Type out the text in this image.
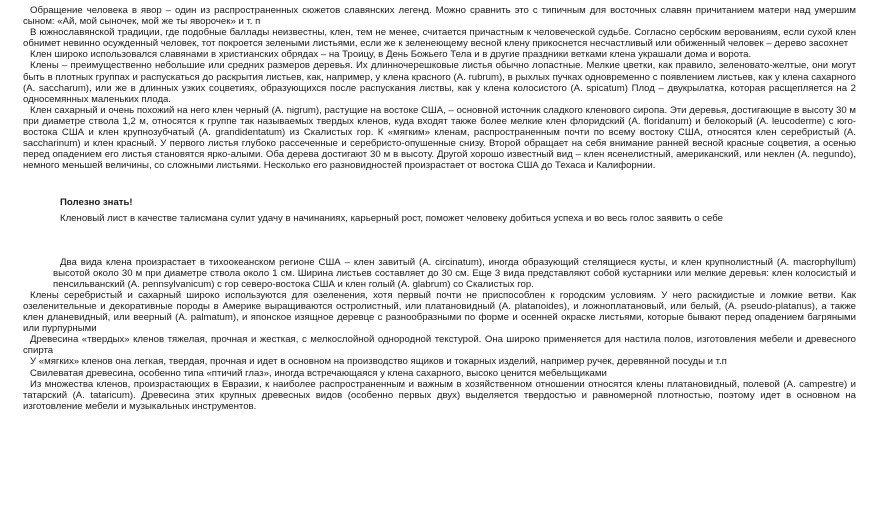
Обращение человека в явор – один из распространенных сюжетов славянских легенд. Можно сравнить это с типичным для восточных славян причитанием матери над умершим сыном: «Ай, мой сыночек, мой же ты яворочек» и т. п

В южнославянской традиции, где подобные баллады неизвестны, клен, тем не менее, считается причастным к человеческой судьбе. Согласно сербским верованиям, если сухой клен обнимет невинно осужденный человек, тот покроется зелеными листьями, если же к зеленеющему весной клену прикоснется несчастливый или обиженный человек – дерево засохнет

Клен широко использовался славянами в христианских обрядах – на Троицу, в День Божьего Тела и в другие праздники ветками клена украшали дома и ворота.

Клены – преимущественно небольшие или средних размеров деревья. Их длинночерешковые листья обычно лопастные. Мелкие цветки, как правило, зеленовато-желтые, они могут быть в плотных группах и распускаться до раскрытия листьев, как, например, у клена красного (A. rubrum), в рыхлых пучках одновременно с появлением листьев, как у клена сахарного (A. saccharum), или же в длинных узких соцветиях, образующихся после распускания листвы, как у клена колосистого (A. spicatum) Плод – двукрылатка, которая расщепляется на 2 односемянных маленьких плода.

Клен сахарный и очень похожий на него клен черный (A. nigrum), растущие на востоке США, – основной источник сладкого кленового сиропа. Эти деревья, достигающие в высоту 30 м при диаметре ствола 1,2 м, относятся к группе так называемых твердых кленов, куда входят также более мелкие клен флоридский (A. floridanum) и белокорый (A. leucoderme) с юго-востока США и клен крупнозубчатый (A. grandidentatum) из Скалистых гор. К «мягким» кленам, распространенным почти по всему востоку США, относятся клен серебристый (A. saccharinum) и клен красный. У первого листья глубоко рассеченные и серебристо-опушенные снизу. Второй обращает на себя внимание ранней весной красные соцветия, а осенью перед опадением его листья становятся ярко-алыми. Оба дерева достигают 30 м в высоту. Другой хорошо известный вид – клен ясенелистный, американский, или неклен (A. negundo), немного меньшей величины, со сложными листьями. Несколько его разновидностей произрастает от востока США до Техаса и Калифорнии.

Полезно знать!

Кленовый лист в качестве талисмана сулит удачу в начинаниях, карьерный рост, поможет человеку добиться успеха и во весь голос заявить о себе

Два вида клена произрастает в тихоокеанском регионе США – клен завитый (A. circinatum), иногда образующий стелящиеся кусты, и клен крупнолистный (A. macrophyllum) высотой около 30 м при диаметре ствола около 1 см. Ширина листьев составляет до 30 см. Еще 3 вида представляют собой кустарники или мелкие деревья: клен колосистый и пенсильванский (A. pennsylvanicum) с гор северо-востока США и клен голый (A. glabrum) со Скалистых гор.

Клены серебристый и сахарный широко используются для озеленения, хотя первый почти не приспособлен к городским условиям. У него раскидистые и ломкие ветви. Как озеленительные и декоративные породы в Америке выращиваются остролистный, или платановидный (A. platanoides), и ложноплатановый, или белый, (A. pseudo-platanus), а также клен дланевидный, или веерный (A. palmatum), и японское изящное деревце с разнообразными по форме и осенней окраске листьями, которые бывают перед опадением багряными или пурпурными

Древесина «твердых» кленов тяжелая, прочная и жесткая, с мелкослойной однородной текстурой. Она широко применяется для настила полов, изготовления мебели и древесного спирта

У «мягких» кленов она легкая, твердая, прочная и идет в основном на производство ящиков и токарных изделий, например ручек, деревянной посуды и т.п

Свилеватая древесина, особенно типа «птичий глаз», иногда встречающаяся у клена сахарного, высоко ценится мебельщиками

Из множества кленов, произрастающих в Евразии, к наиболее распространенным и важным в хозяйственном отношении относятся клены платановидный, полевой (A. campestre) и татарский (A. tataricum). Древесина этих крупных древесных видов (особенно первых двух) выделяется твердостью и равномерной плотностью, поэтому идет в основном на изготовление мебели и музыкальных инструментов.
